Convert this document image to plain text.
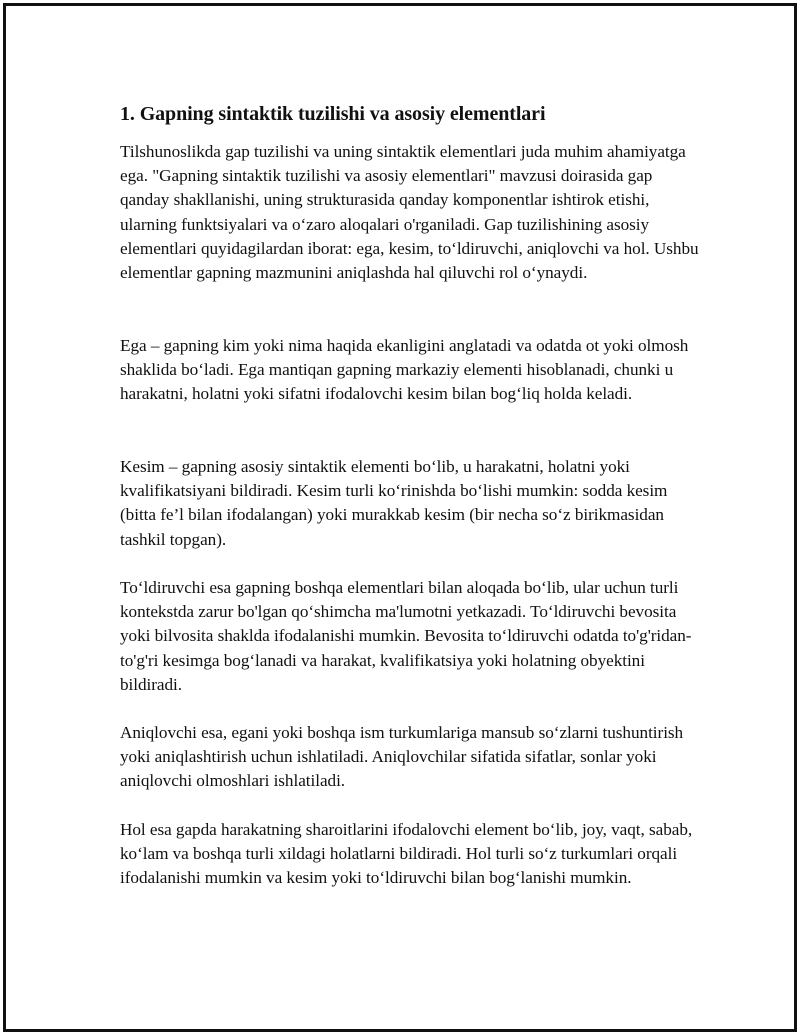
1. Gapning sintaktik tuzilishi va asosiy elementlari

Tilshunoslikda gap tuzilishi va uning sintaktik elementlari juda muhim ahamiyatga ega. "Gapning sintaktik tuzilishi va asosiy elementlari" mavzusi doirasida gap qanday shakllanishi, uning strukturasida qanday komponentlar ishtirok etishi, ularning funktsiyalari va o‘zaro aloqalari o'rganiladi. Gap tuzilishining asosiy elementlari quyidagilardan iborat: ega, kesim, to‘ldiruvchi, aniqlovchi va hol. Ushbu elementlar gapning mazmunini aniqlashda hal qiluvchi rol o‘ynaydi.

Ega – gapning kim yoki nima haqida ekanligini anglatadi va odatda ot yoki olmosh shaklida bo‘ladi. Ega mantiqan gapning markaziy elementi hisoblanadi, chunki u harakatni, holatni yoki sifatni ifodalovchi kesim bilan bog‘liq holda keladi.

Kesim – gapning asosiy sintaktik elementi bo‘lib, u harakatni, holatni yoki kvalifikatsiyani bildiradi. Kesim turli ko‘rinishda bo‘lishi mumkin: sodda kesim (bitta fe’l bilan ifodalangan) yoki murakkab kesim (bir necha so‘z birikmasidan tashkil topgan).

To‘ldiruvchi esa gapning boshqa elementlari bilan aloqada bo‘lib, ular uchun turli kontekstda zarur bo'lgan qo‘shimcha ma'lumotni yetkazadi. To‘ldiruvchi bevosita yoki bilvosita shaklda ifodalanishi mumkin. Bevosita to‘ldiruvchi odatda to'g'ridan-to'g'ri kesimga bog‘lanadi va harakat, kvalifikatsiya yoki holatning obyektini bildiradi.

Aniqlovchi esa, egani yoki boshqa ism turkumlariga mansub so‘zlarni tushuntirish yoki aniqlashtirish uchun ishlatiladi. Aniqlovchilar sifatida sifatlar, sonlar yoki aniqlovchi olmoshlari ishlatiladi.

Hol esa gapda harakatning sharoitlarini ifodalovchi element bo‘lib, joy, vaqt, sabab, ko‘lam va boshqa turli xildagi holatlarni bildiradi. Hol turli so‘z turkumlari orqali ifodalanishi mumkin va kesim yoki to‘ldiruvchi bilan bog‘lanishi mumkin.
